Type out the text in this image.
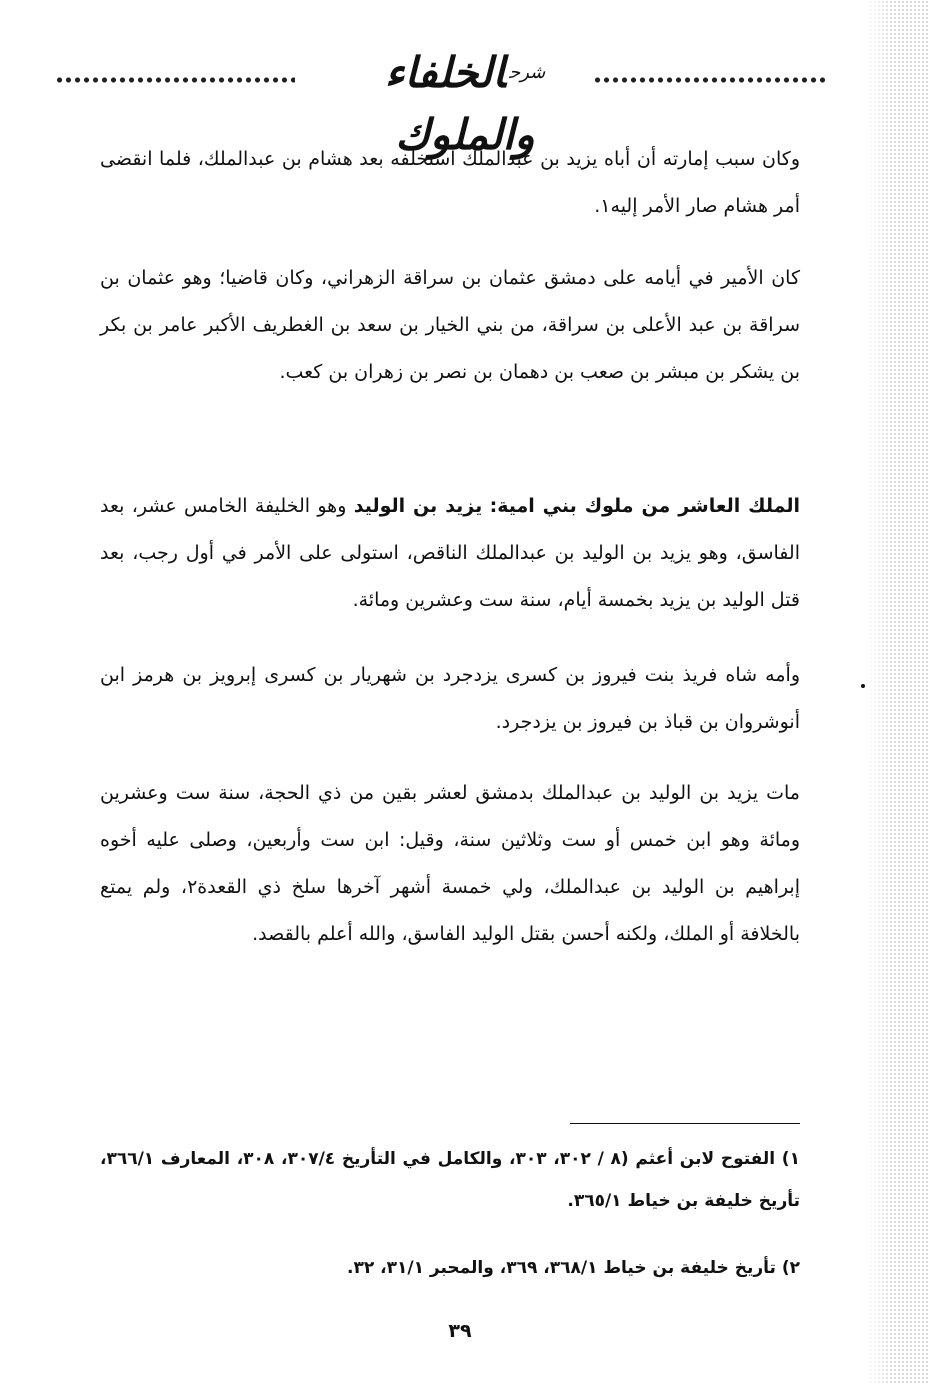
$^{شرح}$الخلفاء والملوك

وكان سبب إمارته أن أباه يزيد بن عبدالملك استخلفه بعد هشام بن عبدالملك، فلما انقضى أمر هشام صار الأمر إليه١.

كان الأمير في أيامه على دمشق عثمان بن سراقة الزهراني، وكان قاضيا؛ وهو عثمان بن سراقة بن عبد الأعلى بن سراقة، من بني الخيار بن سعد بن الغطريف الأكبر عامر بن بكر بن يشكر بن مبشر بن صعب بن دهمان بن نصر بن زهران بن كعب.

الملك العاشر من ملوك بني امية: يزيد بن الوليد وهو الخليفة الخامس عشر، بعد الفاسق، وهو يزيد بن الوليد بن عبدالملك الناقص، استولى على الأمر في أول رجب، بعد قتل الوليد بن يزيد بخمسة أيام، سنة ست وعشرين ومائة.

وأمه شاه فريذ بنت فيروز بن كسرى يزدجرد بن شهريار بن كسرى إبرويز بن هرمز ابن أنوشروان بن قباذ بن فيروز بن يزدجرد.

مات يزيد بن الوليد بن عبدالملك بدمشق لعشر بقين من ذي الحجة، سنة ست وعشرين ومائة وهو ابن خمس أو ست وثلاثين سنة، وقيل: ابن ست وأربعين، وصلى عليه أخوه إبراهيم بن الوليد بن عبدالملك، ولي خمسة أشهر آخرها سلخ ذي القعدة٢، ولم يمتع بالخلافة أو الملك، ولكنه أحسن بقتل الوليد الفاسق، والله أعلم بالقصد.

١) الفتوح لابن أعثم (٨ / ٣٠٢، ٣٠٣، والكامل في التأريخ ٣٠٧/٤، ٣٠٨، المعارف ٣٦٦/١، تأريخ خليفة بن خياط ٣٦٥/١.
٢) تأريخ خليفة بن خياط ٣٦٨/١، ٣٦٩، والمحبر ٣١/١، ٣٢.
٣٩
